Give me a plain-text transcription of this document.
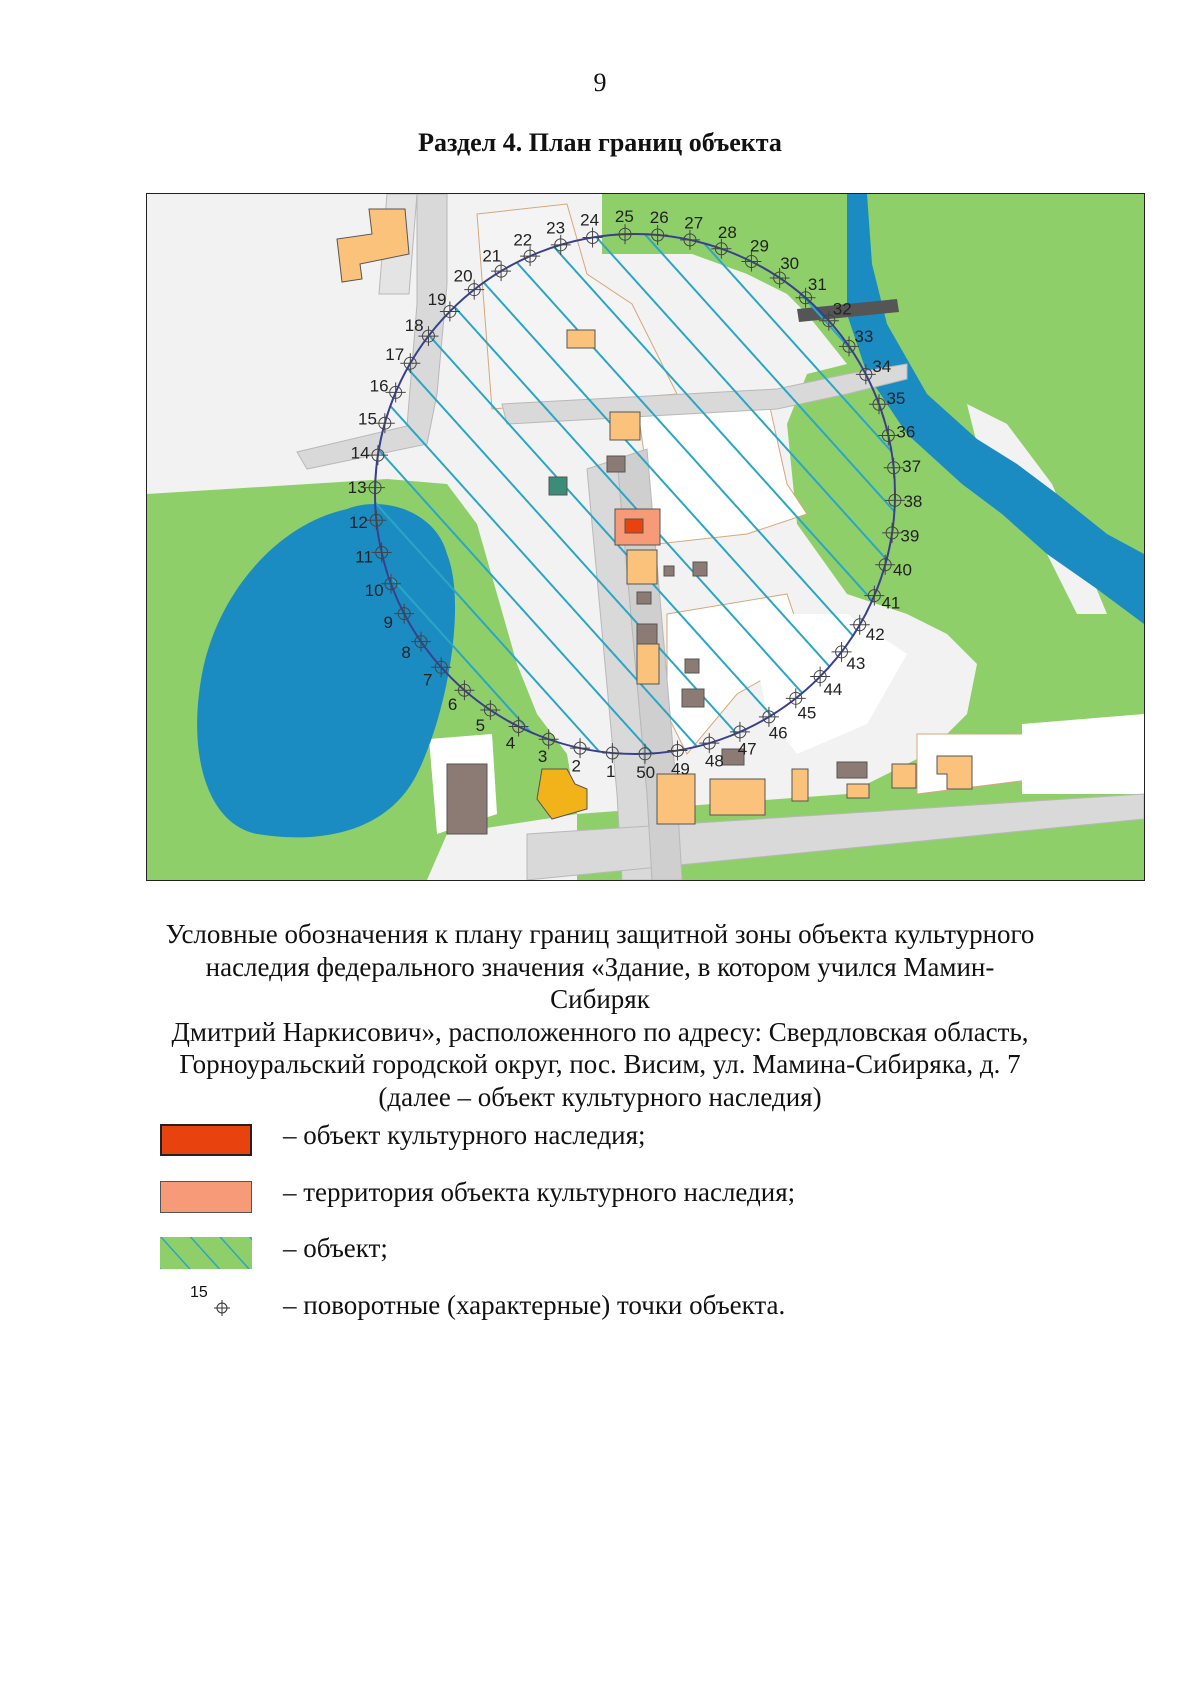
9
Раздел 4. План границ объекта
1
2
3
4
5
6
7
8
9
10
11
12
13
14
15
16
17
18
19
20
21
22
23 24 25 26 27
28
29
30
31
32
33
34
35
36
37
38
39
40
41
42
43
44
45
46
47
48
49
50
Условные обозначения к плану границ защитной зоны объекта культурного
наследия федерального значения «Здание, в котором учился Мамин-Сибиряк
Дмитрий Наркисович», расположенного по адресу: Свердловская область,
Горноуральский городской округ, пос. Висим, ул. Мамина-Сибиряка, д. 7
(далее – объект культурного наследия)
– объект культурного наследия;
– территория объекта культурного наследия;
– объект;
15	– поворотные (характерные) точки объекта.
